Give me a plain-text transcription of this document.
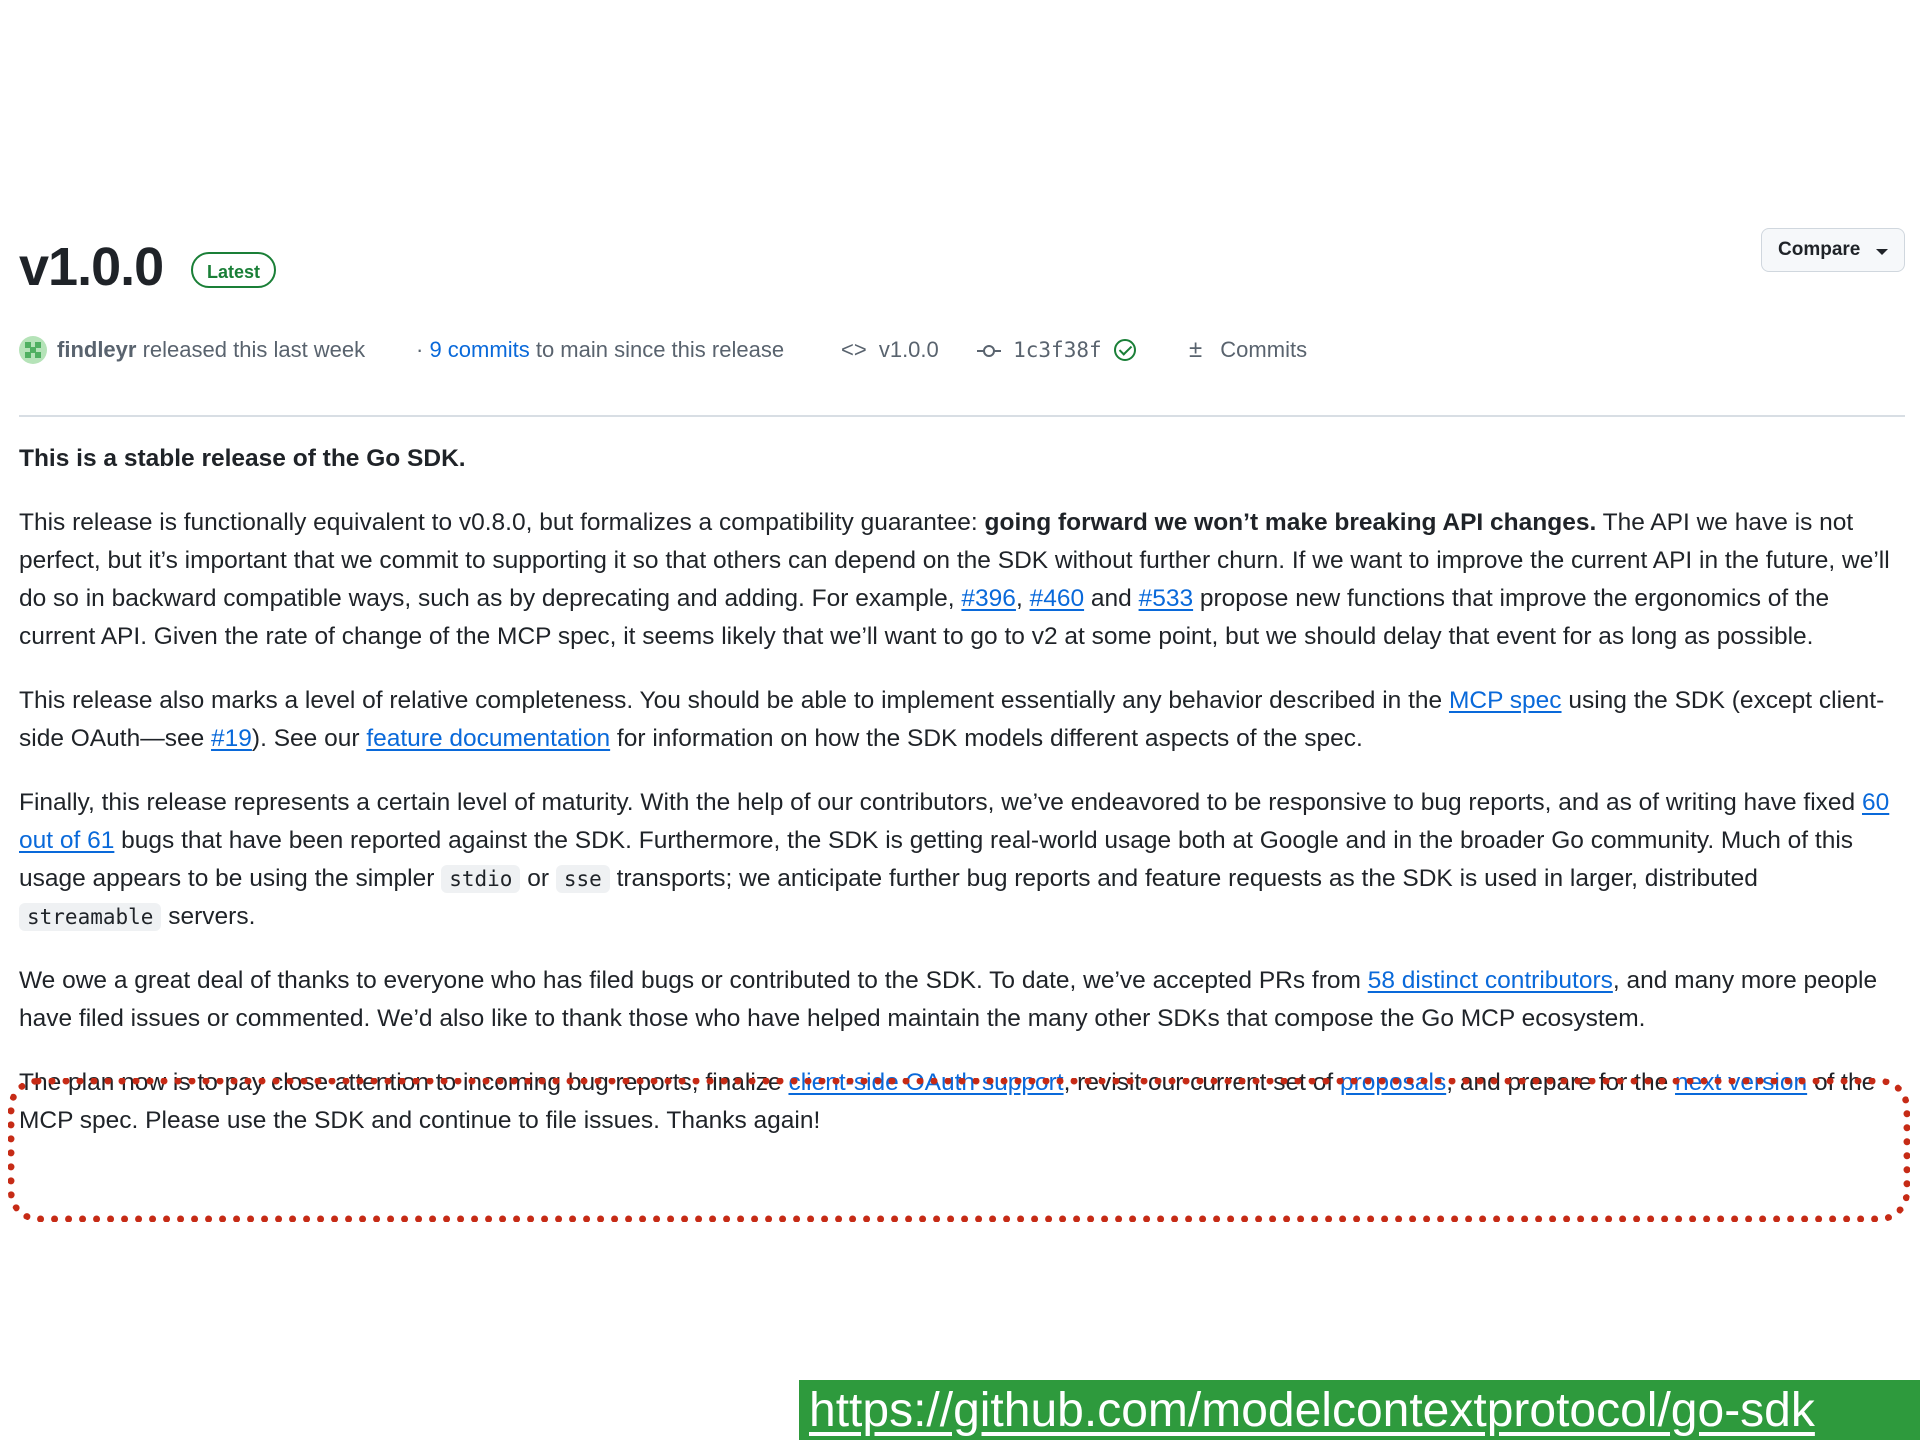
v1.0.0	Latest
Compare
findleyr released this last week · 9 commits to main since this release	<> v1.0.0	1c3f38f	± Commits

This is a stable release of the Go SDK.

This release is functionally equivalent to v0.8.0, but formalizes a compatibility guarantee: going forward we won’t make breaking API changes. The API we have is not perfect, but it’s important that we commit to supporting it so that others can depend on the SDK without further churn. If we want to improve the current API in the future, we’ll do so in backward compatible ways, such as by deprecating and adding. For example, #396, #460 and #533 propose new functions that improve the ergonomics of the current API. Given the rate of change of the MCP spec, it seems likely that we’ll want to go to v2 at some point, but we should delay that event for as long as possible.

This release also marks a level of relative completeness. You should be able to implement essentially any behavior described in the MCP spec using the SDK (except client-side OAuth—see #19). See our feature documentation for information on how the SDK models different aspects of the spec.

Finally, this release represents a certain level of maturity. With the help of our contributors, we’ve endeavored to be responsive to bug reports, and as of writing have fixed 60 out of 61 bugs that have been reported against the SDK. Furthermore, the SDK is getting real-world usage both at Google and in the broader Go community. Much of this usage appears to be using the simpler stdio or sse transports; we anticipate further bug reports and feature requests as the SDK is used in larger, distributed streamable servers.

We owe a great deal of thanks to everyone who has filed bugs or contributed to the SDK. To date, we’ve accepted PRs from 58 distinct contributors, and many more people have filed issues or commented. We’d also like to thank those who have helped maintain the many other SDKs that compose the Go MCP ecosystem.

The plan now is to pay close attention to incoming bug reports, finalize client-side OAuth support, revisit our current set of proposals, and prepare for the next version of the MCP spec. Please use the SDK and continue to file issues. Thanks again!

https://github.com/modelcontextprotocol/go-sdk
